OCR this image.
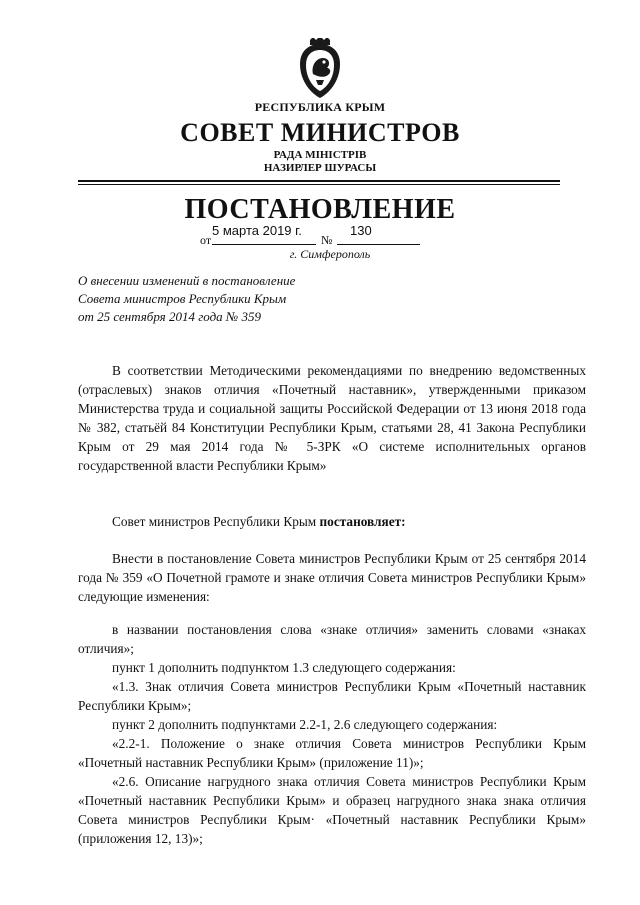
РЕСПУБЛИКА КРЫМ
СОВЕТ МИНИСТРОВ
РАДА МІНІСТРІВ
НАЗИРЛЕР ШУРАСЫ
ПОСТАНОВЛЕНИЕ
от
5 марта 2019 г.
№
130
г. Симферополь
О внесении изменений в постановление
Совета министров Республики Крым
от 25 сентября 2014 года № 359
В соответствии Методическими рекомендациями по внедрению ведомственных (отраслевых) знаков отличия «Почетный наставник», утвержденными приказом Министерства труда и социальной защиты Российской Федерации от 13 июня 2018 года № 382, статьёй 84 Конституции Республики Крым, статьями 28, 41 Закона Республики Крым от 29 мая 2014 года № 5-ЗРК «О системе исполнительных органов государственной власти Республики Крым»
Совет министров Республики Крым постановляет:
Внести в постановление Совета министров Республики Крым от 25 сентября 2014 года № 359 «О Почетной грамоте и знаке отличия Совета министров Республики Крым» следующие изменения:

в названии постановления слова «знаке отличия» заменить словами «знаках отличия»;

пункт 1 дополнить подпунктом 1.3 следующего содержания:

«1.3. Знак отличия Совета министров Республики Крым «Почетный наставник Республики Крым»;

пункт 2 дополнить подпунктами 2.2-1, 2.6 следующего содержания:

«2.2-1. Положение о знаке отличия Совета министров Республики Крым «Почетный наставник Республики Крым» (приложение 11)»;

«2.6. Описание нагрудного знака отличия Совета министров Республики Крым «Почетный наставник Республики Крым» и образец нагрудного знака знака отличия Совета министров Республики Крым· «Почетный наставник Республики Крым» (приложения 12, 13)»;
